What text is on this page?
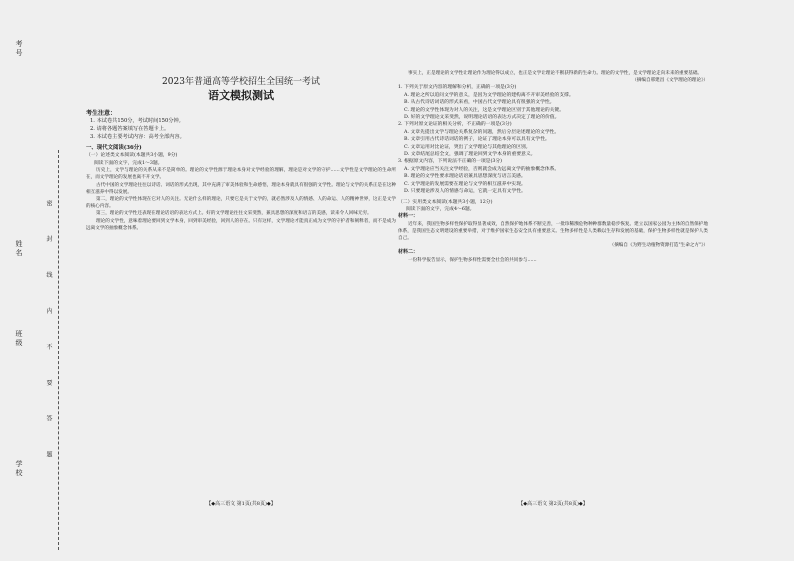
考号
姓名
班级
学校	密 封 线 内 不 要 答 题
2023年普通高等学校招生全国统一考试
语文模拟测试
考生注意：
1. 本试卷共150分，考试时间150分钟。
2. 请将各题答案填写在答题卡上。
3. 本试卷主要考试内容：高考全部内容。
一、现代文阅读(36分)
（一）论述类文本阅读(本题共3小题，9分)
阅读下面的文字，完成1～3题。
历史上，文学与理论的关系从来不是简单的。理论的文学性源于理论本身对文学经验的理解，理论是对文学的守护……文学性是文学理论的生命所在，而文学理论的发展也离不开文学。
古代中国的文学理论往往以诗话、词话的形式出现，其中充满了审美体验和生命感悟，理论本身就具有很强的文学性。理论与文学的关系正是在这种相互滋养中得以发展。
第二，理论的文学性体现在它对人的关注。无论什么样的理论，只要它是关于文学的，就必然涉及人的情感、人的命运、人的精神世界，这正是文学的核心内容。
第三，理论的文学性还表现在理论话语的表达方式上。好的文学理论往往文采斐然，兼具思想的深度和语言的美感，读来令人回味无穷。
理论的文学性，意味着理论要回到文学本身，回到审美经验，回到人的存在。只有这样，文学理论才能真正成为文学的守护者和阐释者，而不是成为远离文学的抽象概念体系。
【◆高三语文 第1页(共8页)◆】
事实上，正是理论的文学性让理论作为理论得以成立，也正是文学让理论不断获得新的生命力。理论的文学性，是文学理论走向未来的重要基础。
（摘编自邢建昌《文学理论的理论》）
1. 下列关于原文内容的理解和分析，正确的一项是(3分)
A. 理论之所以追问文学的意义，是因为文学理论的建构离不开审美经验的支撑。
B. 从古代诗话词话的形式来看，中国古代文学理论具有很强的文学性。
C. 理论的文学性体现为对人的关注，这是文学理论区别于其他理论的关键。
D. 好的文学理论文采斐然，说明理论话语的表达方式决定了理论的价值。
2. 下列对原文论证的相关分析，不正确的一项是(3分)
A. 文章先提出文学与理论关系复杂的问题，然后分层论述理论的文学性。
B. 文章引用古代诗话词话的例子，论证了理论本身可以具有文学性。
C. 文章运用对比论证，突出了文学理论与其他理论的区别。
D. 文章结尾总结全文，强调了理论回到文学本身的重要意义。
3. 根据原文内容，下列说法不正确的一项是(3分)
A. 文学理论应当关注文学经验，否则就会成为远离文学的抽象概念体系。
B. 理论的文学性要求理论话语兼具思想深度与语言美感。
C. 文学理论的发展需要在理论与文学的相互滋养中实现。
D. 只要理论涉及人的情感与命运，它就一定具有文学性。
（二）实用类文本阅读(本题共3小题，12分)
阅读下面的文字，完成4～6题。
材料一：
近年来，我国生物多样性保护取得显著成效，自然保护地体系不断完善，一批珍稀濒危物种种群数量稳步恢复。建立以国家公园为主体的自然保护地体系，是我国生态文明建设的重要举措，对于维护国家生态安全具有重要意义。生物多样性是人类赖以生存和发展的基础，保护生物多样性就是保护人类自己。
（摘编自《为野生动植物资源打造"生命之方"》）
材料二：
一份科学报告显示，保护生物多样性需要全社会的共同参与……
【◆高三语文 第2页(共8页)◆】
